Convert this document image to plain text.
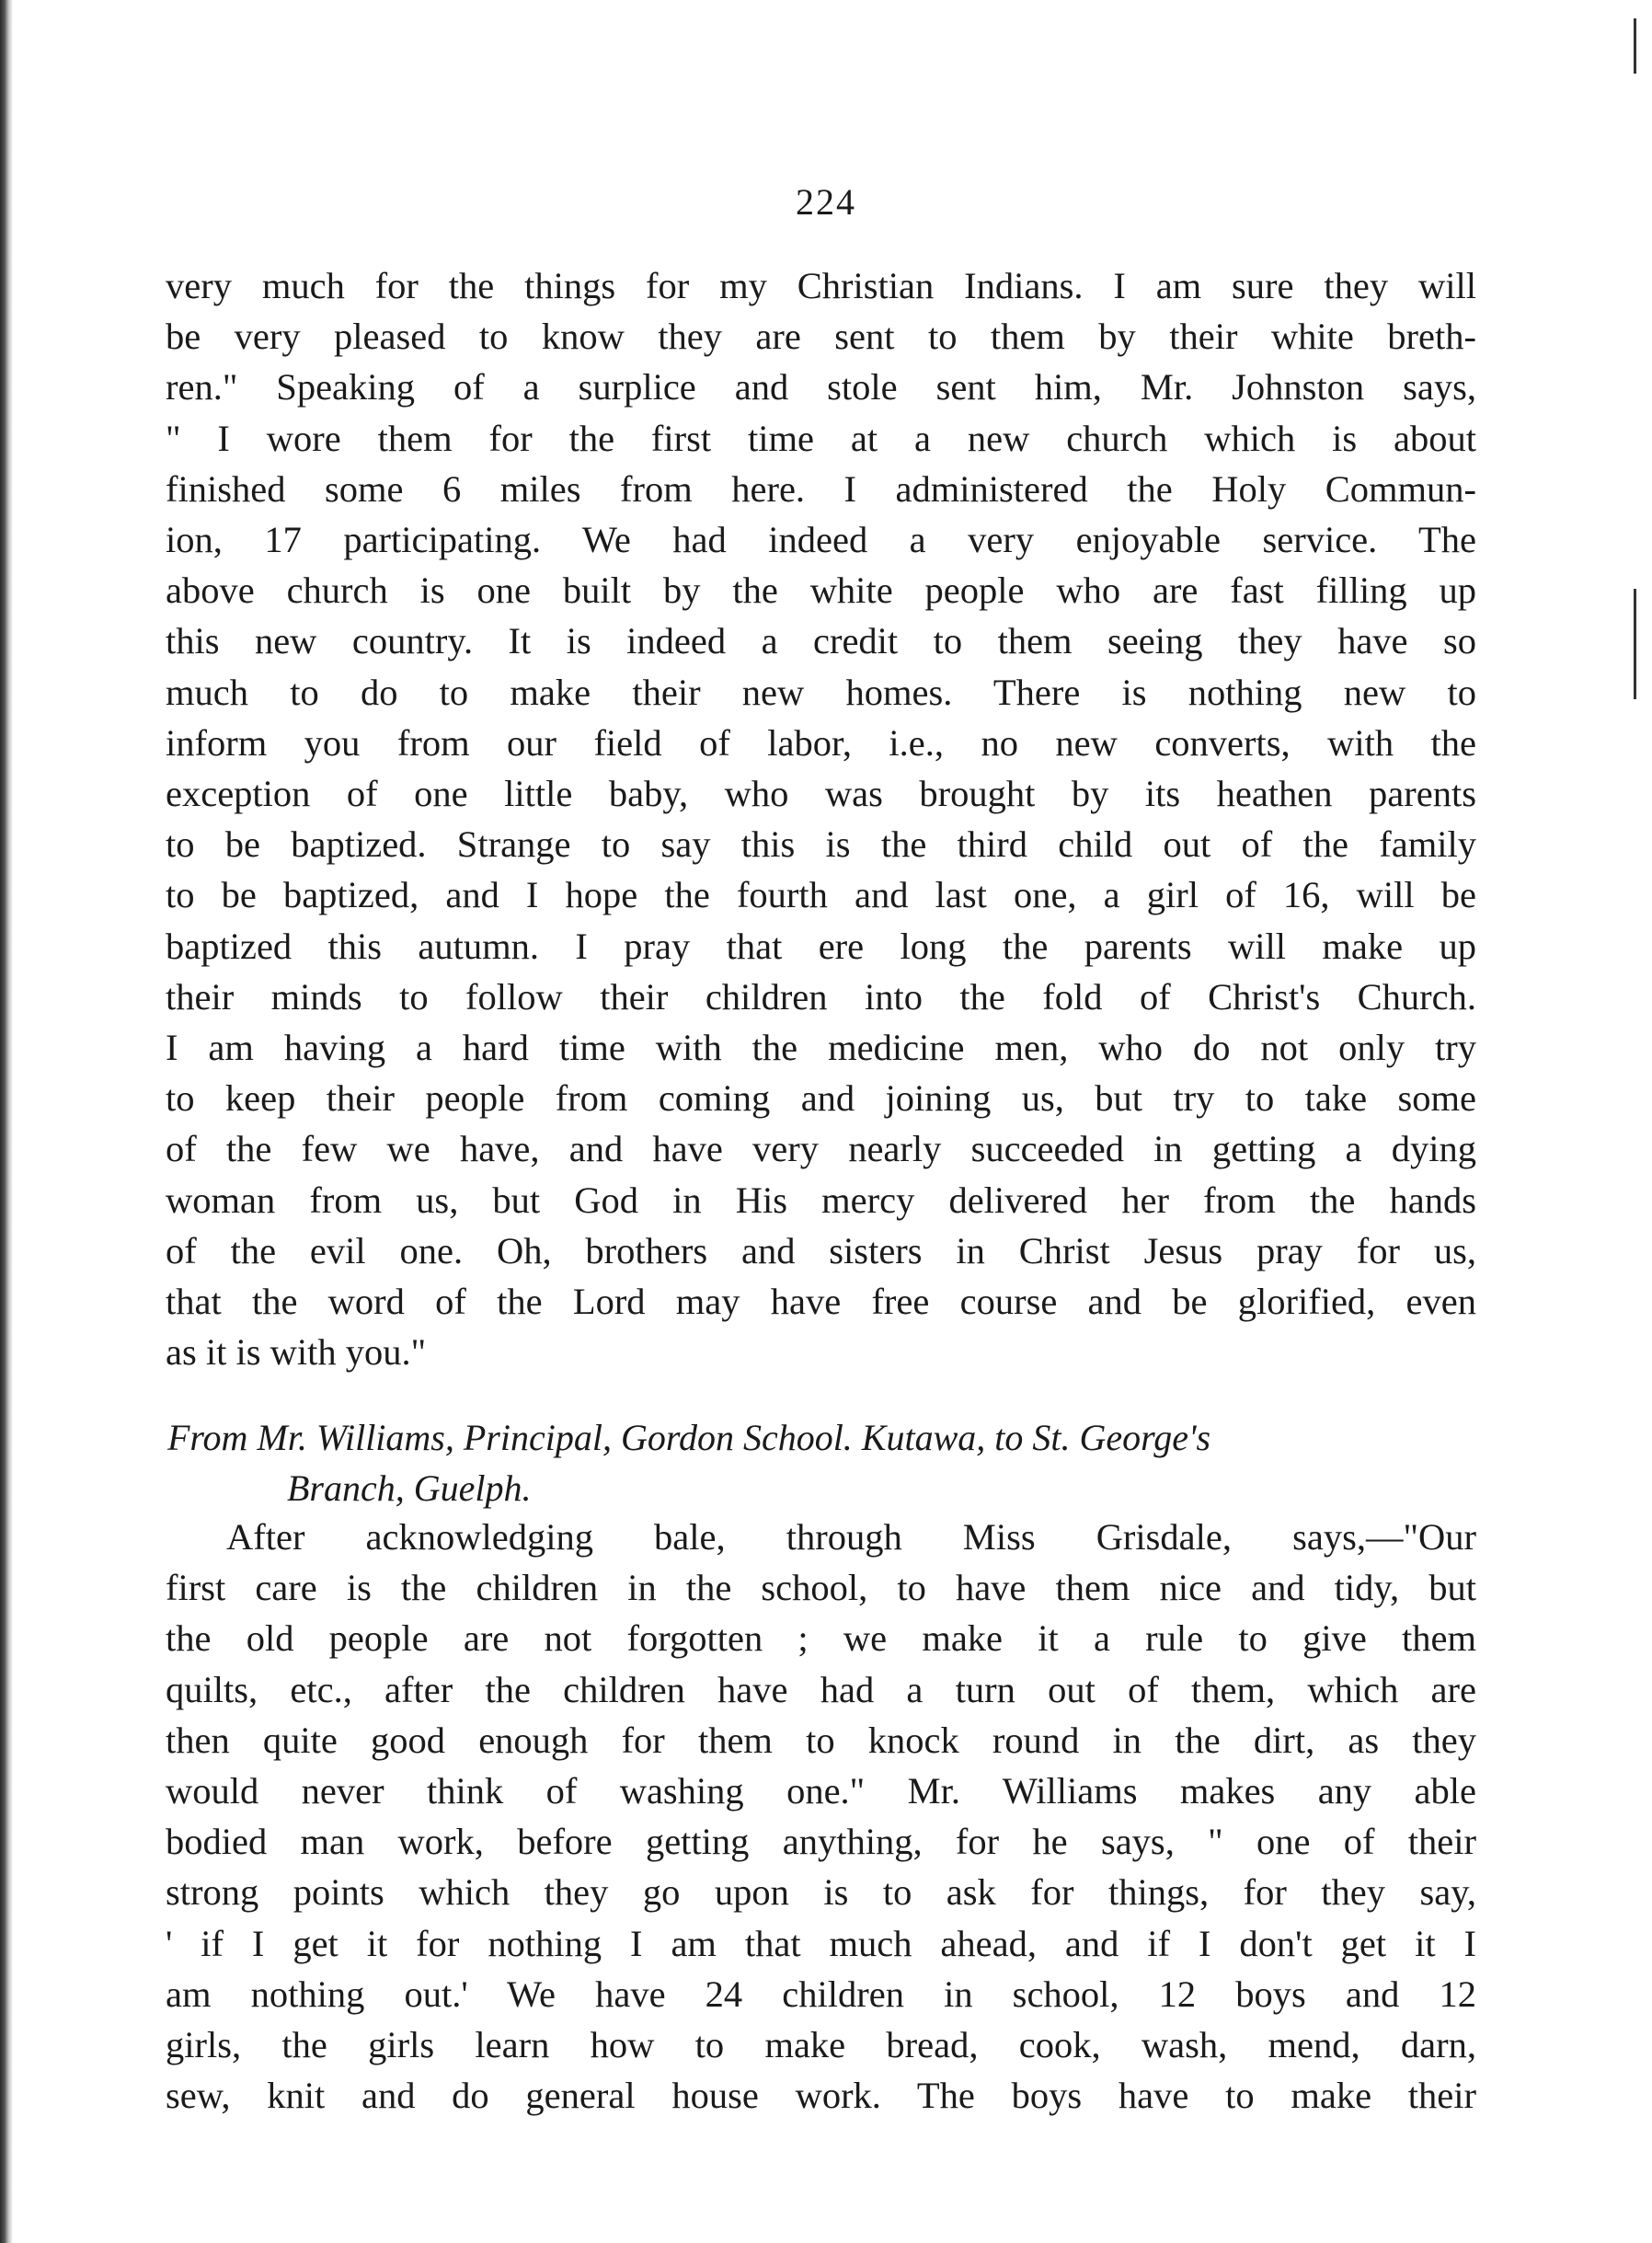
224
very much for the things for my Christian Indians. I am sure they will
be very pleased to know they are sent to them by their white breth-
ren." Speaking of a surplice and stole sent him, Mr. Johnston says,
" I wore them for the first time at a new church which is about
finished some 6 miles from here. I administered the Holy Commun-
ion, 17 participating. We had indeed a very enjoyable service. The
above church is one built by the white people who are fast filling up
this new country. It is indeed a credit to them seeing they have so
much to do to make their new homes. There is nothing new to
inform you from our field of labor, i.e., no new converts, with the
exception of one little baby, who was brought by its heathen parents
to be baptized. Strange to say this is the third child out of the family
to be baptized, and I hope the fourth and last one, a girl of 16, will be
baptized this autumn. I pray that ere long the parents will make up
their minds to follow their children into the fold of Christ's Church.
I am having a hard time with the medicine men, who do not only try
to keep their people from coming and joining us, but try to take some
of the few we have, and have very nearly succeeded in getting a dying
woman from us, but God in His mercy delivered her from the hands
of the evil one. Oh, brothers and sisters in Christ Jesus pray for us,
that the word of the Lord may have free course and be glorified, even
as it is with you."
From Mr. Williams, Principal, Gordon School. Kutawa, to St. George's
Branch, Guelph.
After acknowledging bale, through Miss Grisdale, says,—"Our
first care is the children in the school, to have them nice and tidy, but
the old people are not forgotten ; we make it a rule to give them
quilts, etc., after the children have had a turn out of them, which are
then quite good enough for them to knock round in the dirt, as they
would never think of washing one." Mr. Williams makes any able
bodied man work, before getting anything, for he says, " one of their
strong points which they go upon is to ask for things, for they say,
' if I get it for nothing I am that much ahead, and if I don't get it I
am nothing out.' We have 24 children in school, 12 boys and 12
girls, the girls learn how to make bread, cook, wash, mend, darn,
sew, knit and do general house work. The boys have to make their
